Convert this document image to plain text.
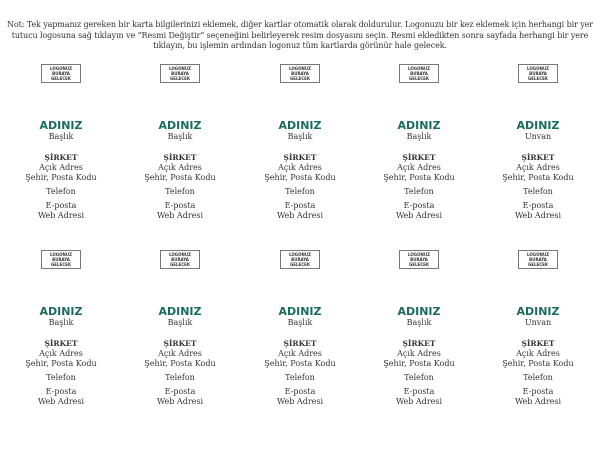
Not: Tek yapmanız gereken bir karta bilgilerinizi eklemek, diğer kartlar otomatik olarak doldurulur. Logonuzu bir kez eklemek için herhangi bir yer tutucu logosuna sağ tıklayın ve “Resmi Değiştir” seçeneğini belirleyerek resim dosyasını seçin. Resmi ekledikten sonra sayfada herhangi bir yere tıklayın, bu işlemin ardından logonuz tüm kartlarda görünür hale gelecek.
LOGONUZ BURAYA GELECEK
ADINIZ
Başlık
ŞİRKET
Açık Adres
Şehir, Posta Kodu
Telefon
E-posta
Web Adresi
LOGONUZ BURAYA GELECEK
ADINIZ
Başlık
ŞİRKET
Açık Adres
Şehir, Posta Kodu
Telefon
E-posta
Web Adresi
LOGONUZ BURAYA GELECEK
ADINIZ
Başlık
ŞİRKET
Açık Adres
Şehir, Posta Kodu
Telefon
E-posta
Web Adresi
LOGONUZ BURAYA GELECEK
ADINIZ
Başlık
ŞİRKET
Açık Adres
Şehir, Posta Kodu
Telefon
E-posta
Web Adresi
LOGONUZ BURAYA GELECEK
ADINIZ
Unvan
ŞİRKET
Açık Adres
Şehir, Posta Kodu
Telefon
E-posta
Web Adresi
LOGONUZ BURAYA GELECEK
ADINIZ
Başlık
ŞİRKET
Açık Adres
Şehir, Posta Kodu
Telefon
E-posta
Web Adresi
LOGONUZ BURAYA GELECEK
ADINIZ
Başlık
ŞİRKET
Açık Adres
Şehir, Posta Kodu
Telefon
E-posta
Web Adresi
LOGONUZ BURAYA GELECEK
ADINIZ
Başlık
ŞİRKET
Açık Adres
Şehir, Posta Kodu
Telefon
E-posta
Web Adresi
LOGONUZ BURAYA GELECEK
ADINIZ
Başlık
ŞİRKET
Açık Adres
Şehir, Posta Kodu
Telefon
E-posta
Web Adresi
LOGONUZ BURAYA GELECEK
ADINIZ
Unvan
ŞİRKET
Açık Adres
Şehir, Posta Kodu
Telefon
E-posta
Web Adresi
